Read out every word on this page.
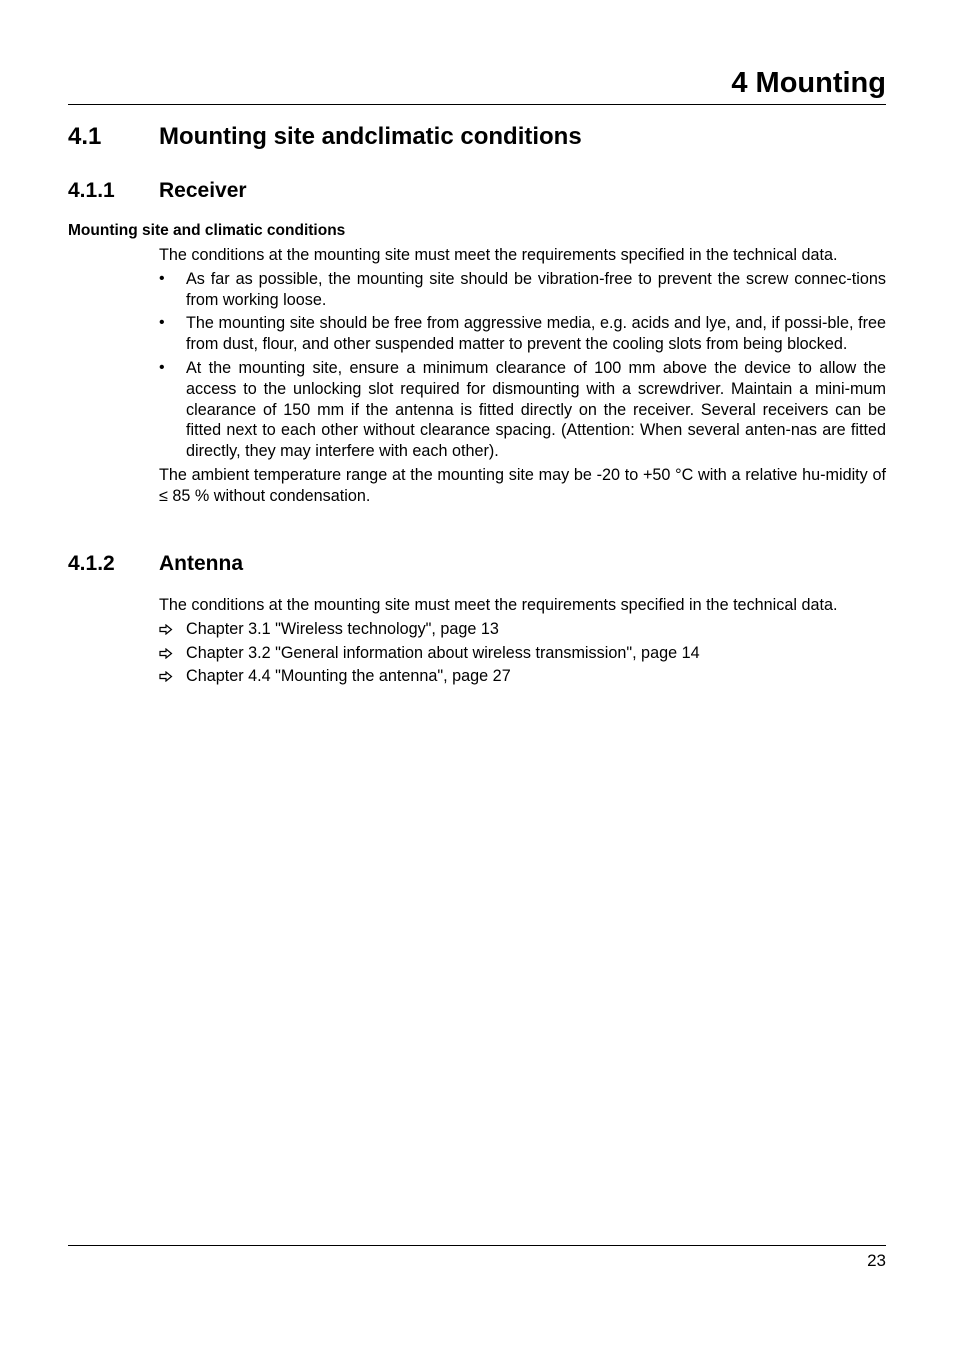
4 Mounting
4.1 Mounting site andclimatic conditions
4.1.1 Receiver
Mounting site and climatic conditions

The conditions at the mounting site must meet the requirements specified in the technical data.

•	As far as possible, the mounting site should be vibration-free to prevent the screw connec-tions from working loose.
•	The mounting site should be free from aggressive media, e.g. acids and lye, and, if possi-ble, free from dust, flour, and other suspended matter to prevent the cooling slots from being blocked.
•	At the mounting site, ensure a minimum clearance of 100 mm above the device to allow the access to the unlocking slot required for dismounting with a screwdriver. Maintain a mini-mum clearance of 150 mm if the antenna is fitted directly on the receiver. Several receivers can be fitted next to each other without clearance spacing. (Attention: When several anten-nas are fitted directly, they may interfere with each other).

The ambient temperature range at the mounting site may be -20 to +50 °C with a relative hu-midity of ≤ 85 % without condensation.

4.1.2 Antenna

The conditions at the mounting site must meet the requirements specified in the technical data.

Chapter 3.1 "Wireless technology", page 13
Chapter 3.2 "General information about wireless transmission", page 14
Chapter 4.4 "Mounting the antenna", page 27
23
